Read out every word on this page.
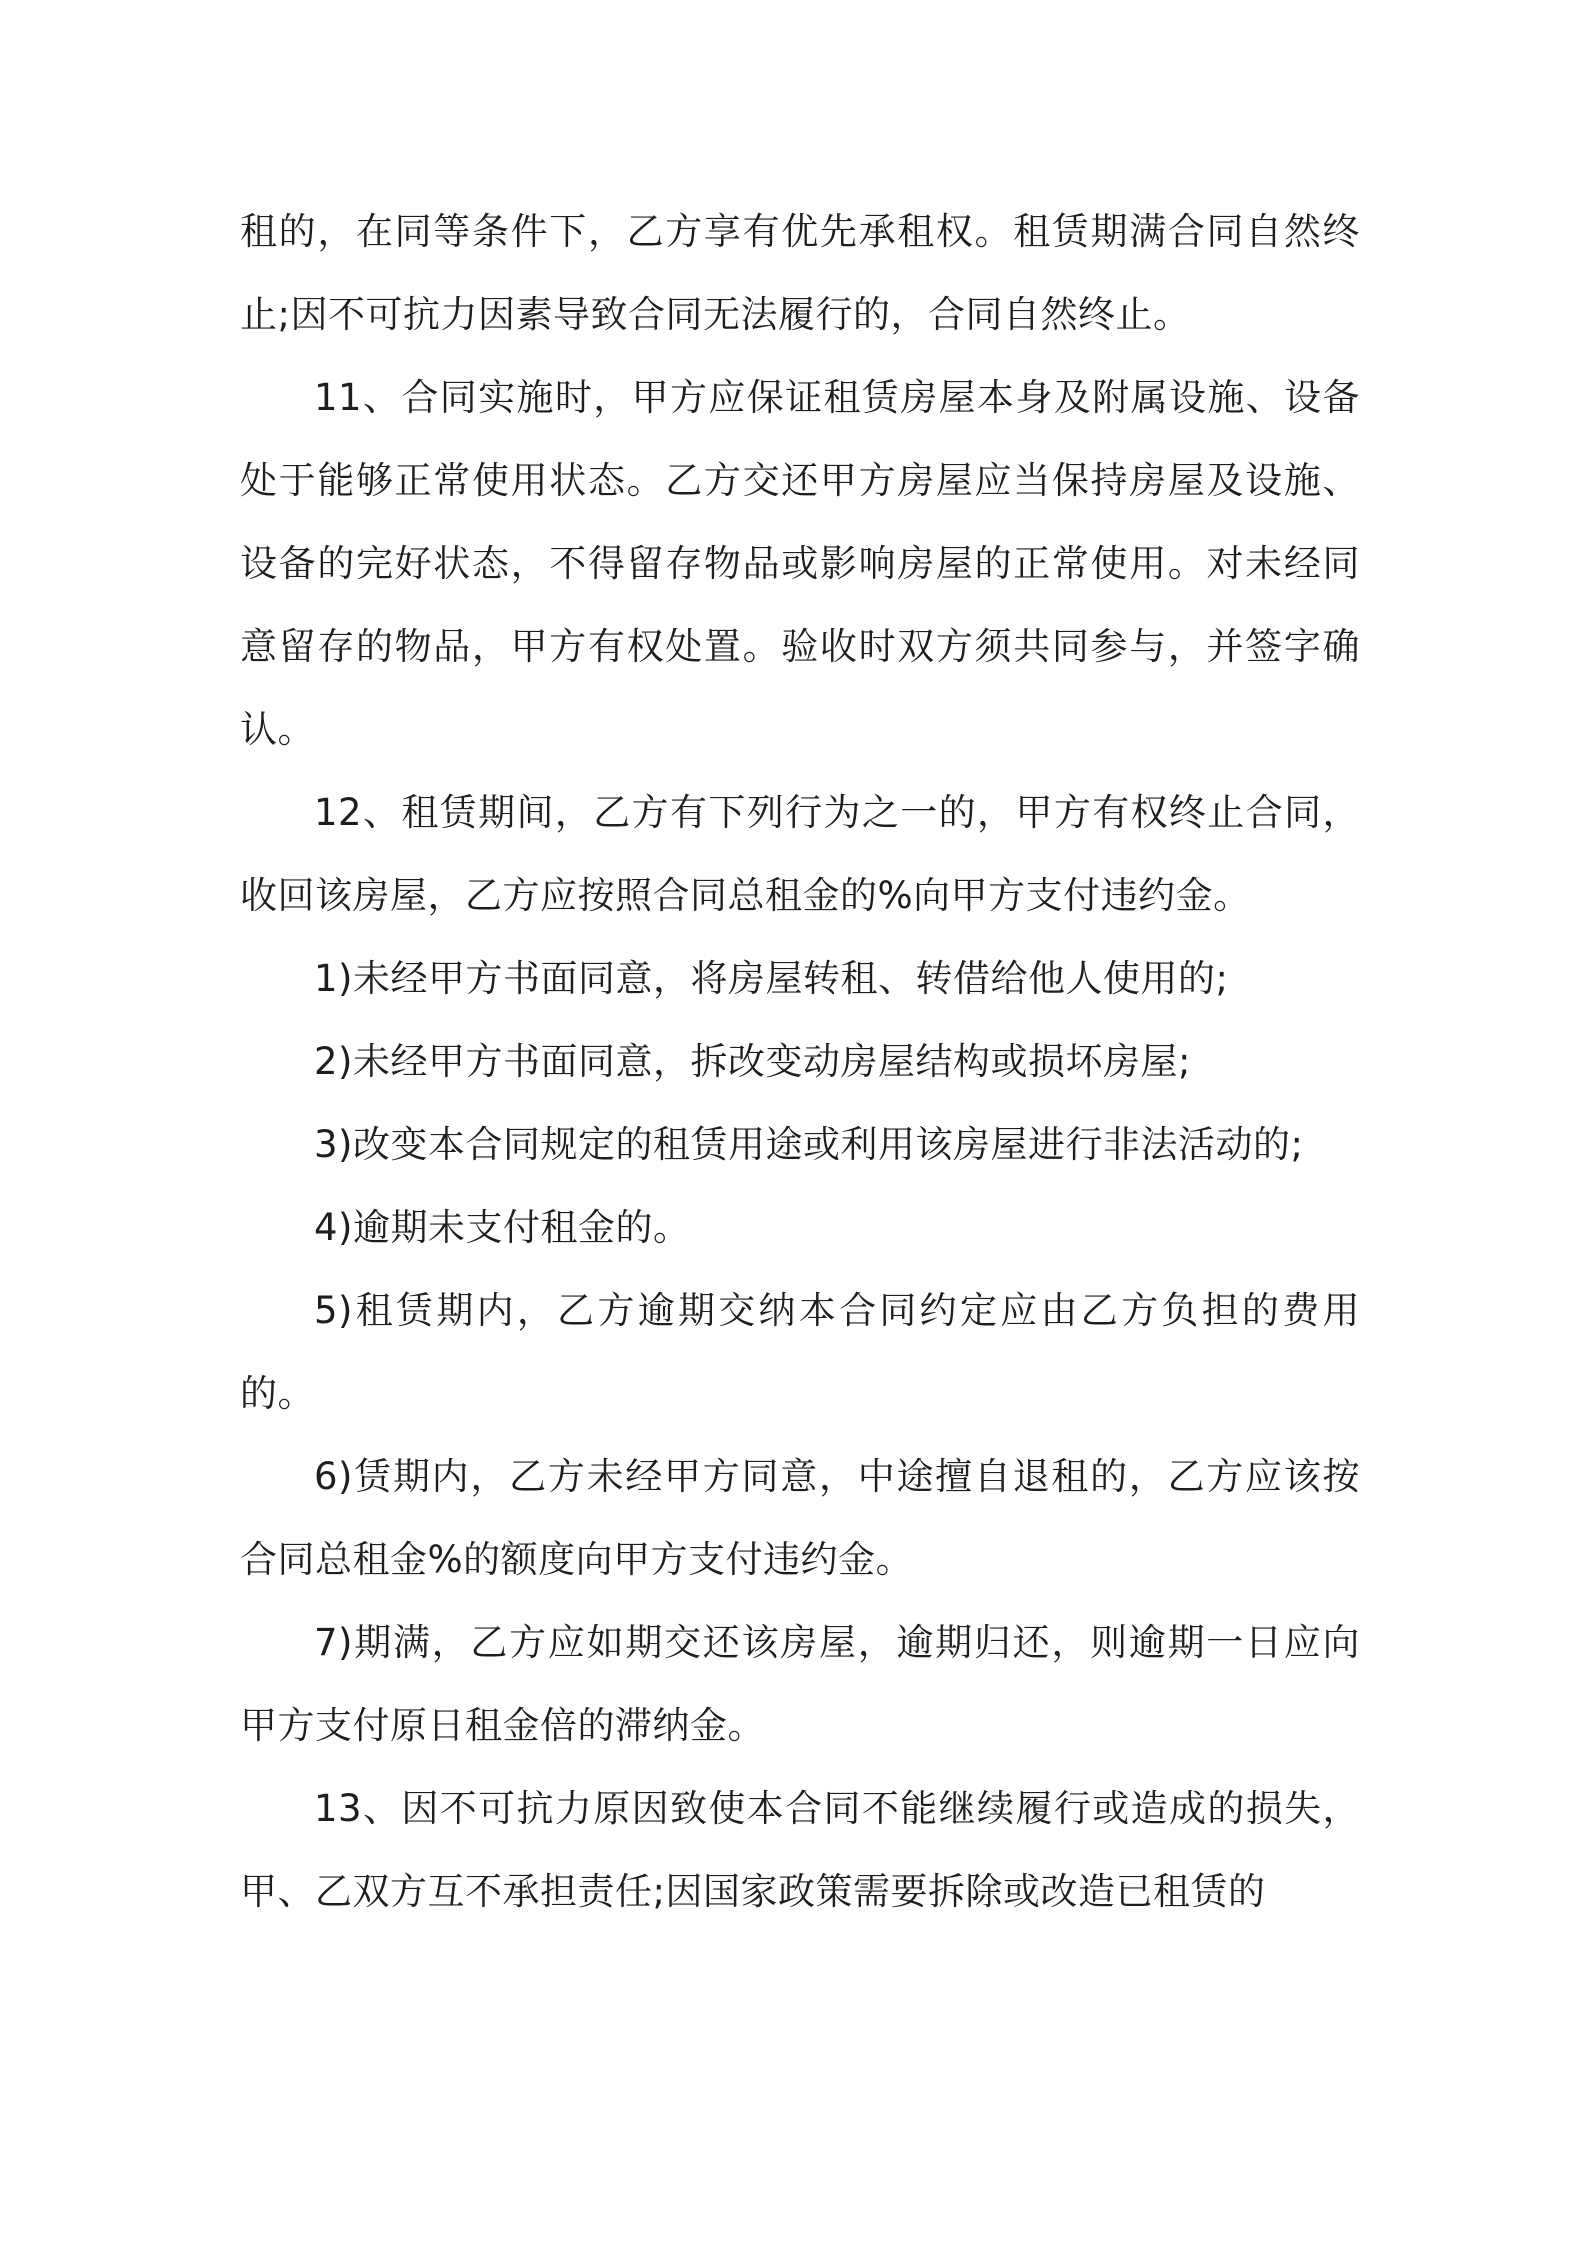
租的，在同等条件下，乙方享有优先承租权。租赁期满合同自然终止;因不可抗力因素导致合同无法履行的，合同自然终止。

11、合同实施时，甲方应保证租赁房屋本身及附属设施、设备处于能够正常使用状态。乙方交还甲方房屋应当保持房屋及设施、设备的完好状态，不得留存物品或影响房屋的正常使用。对未经同意留存的物品，甲方有权处置。验收时双方须共同参与，并签字确认。

12、租赁期间，乙方有下列行为之一的，甲方有权终止合同，收回该房屋，乙方应按照合同总租金的%向甲方支付违约金。

1)未经甲方书面同意，将房屋转租、转借给他人使用的;

2)未经甲方书面同意，拆改变动房屋结构或损坏房屋;

3)改变本合同规定的租赁用途或利用该房屋进行非法活动的;

4)逾期未支付租金的。

5)租赁期内，乙方逾期交纳本合同约定应由乙方负担的费用的。

6)赁期内，乙方未经甲方同意，中途擅自退租的，乙方应该按合同总租金%的额度向甲方支付违约金。

7)期满，乙方应如期交还该房屋，逾期归还，则逾期一日应向甲方支付原日租金倍的滞纳金。

13、因不可抗力原因致使本合同不能继续履行或造成的损失，甲、乙双方互不承担责任;因国家政策需要拆除或改造已租赁的
